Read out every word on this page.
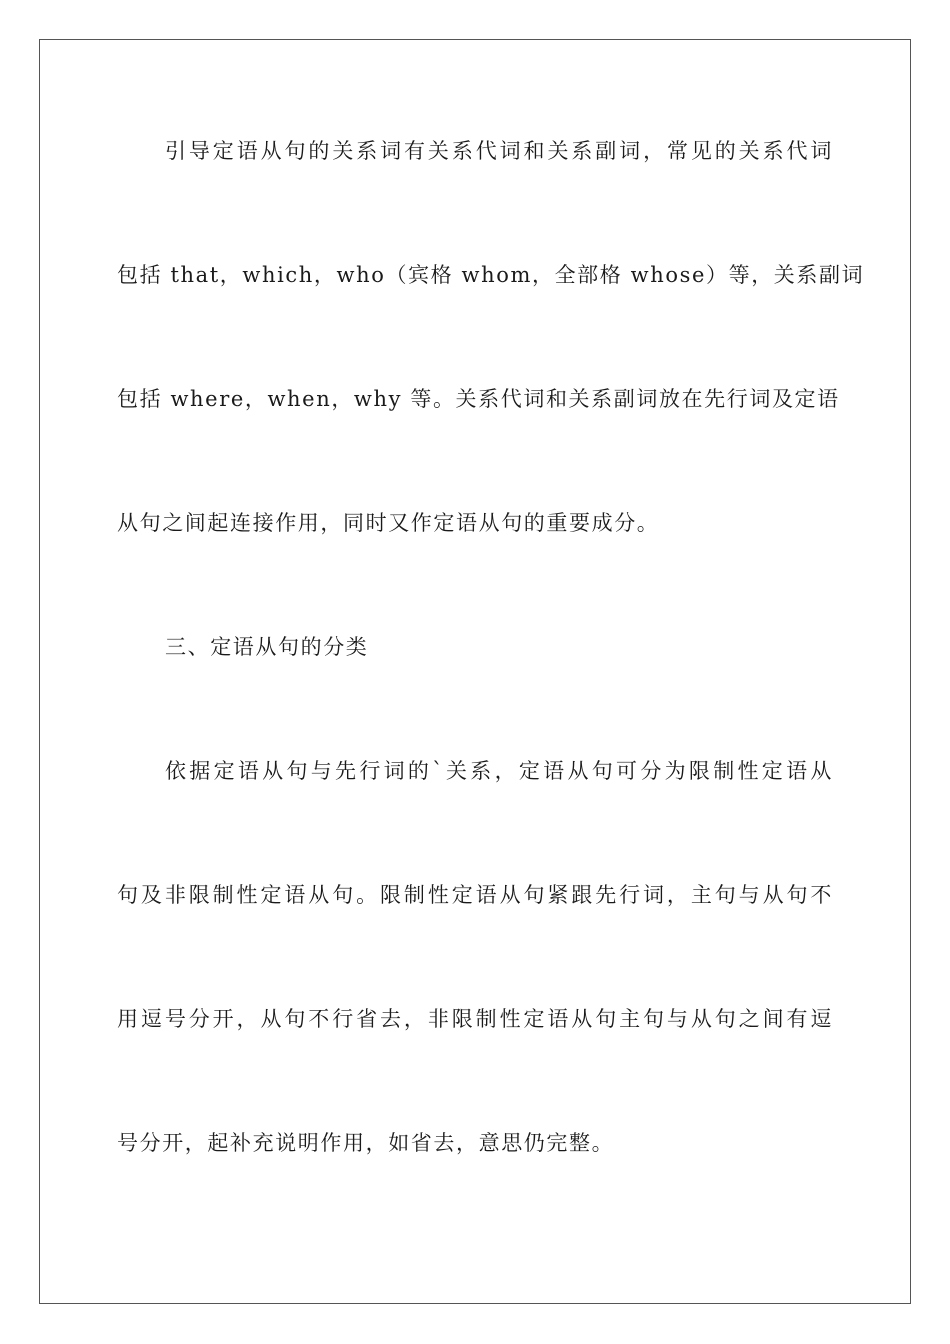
引导定语从句的关系词有关系代词和关系副词，常见的关系代词
包括 that，which，who（宾格 whom，全部格 whose）等，关系副词
包括 where，when，why 等。关系代词和关系副词放在先行词及定语
从句之间起连接作用，同时又作定语从句的重要成分。
三、定语从句的分类
依据定语从句与先行词的`关系，定语从句可分为限制性定语从
句及非限制性定语从句。限制性定语从句紧跟先行词，主句与从句不
用逗号分开，从句不行省去，非限制性定语从句主句与从句之间有逗
号分开，起补充说明作用，如省去，意思仍完整。
